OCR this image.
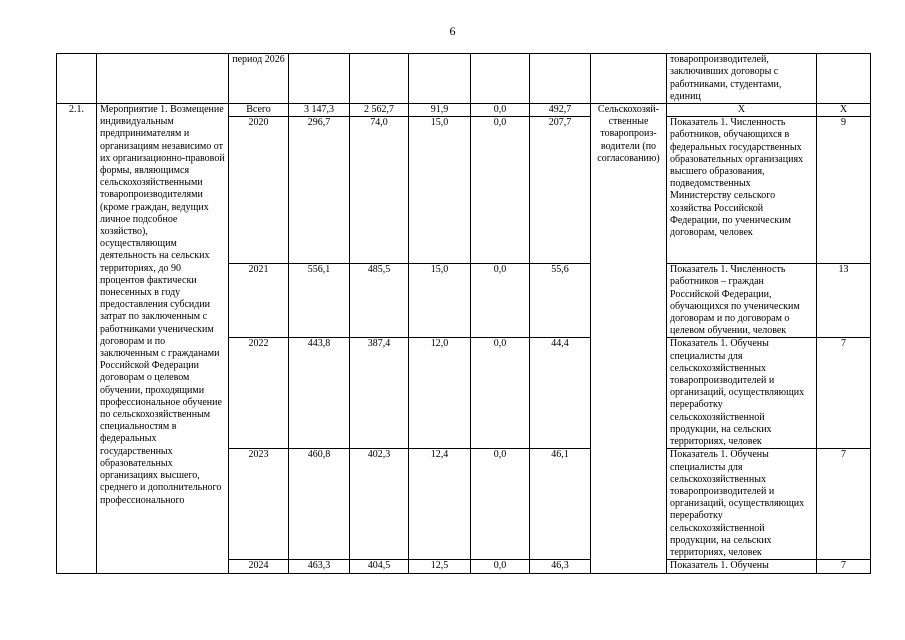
6
		период 2026							товаропроизводителей, заключивших договоры с работниками, студентами, единиц	
2.1.	Мероприятие 1. Возмещение индивидуальным предпринимателям и организациям независимо от их организационно-правовой формы, являющимся сельскохозяйственными товаропроизводителями (кроме граждан, ведущих личное подсобное хозяйство), осуществляющим деятельность на сельских территориях, до 90 процентов фактически понесенных в году предоставления субсидии затрат по заключенным с работниками ученическим договорам и по заключенным с гражданами Российской Федерации договорам о целевом обучении, проходящими профессиональное обучение по сельскохозяйственным специальностям в федеральных государственных образовательных организациях высшего, среднего и дополнительного профессионального	Всего	3 147,3	2 562,7	91,9	0,0	492,7	Сельскохозяй-ственные товаропроиз-водители (по согласованию)	Х	Х
		2020	296,7	74,0	15,0	0,0	207,7		Показатель 1. Численность работников, обучающихся в федеральных государственных образовательных организациях высшего образования, подведомственных Министерству сельского хозяйства Российской Федерации, по ученическим договорам, человек	9
		2021	556,1	485,5	15,0	0,0	55,6		Показатель 1. Численность работников – граждан Российской Федерации, обучающихся по ученическим договорам и по договорам о целевом обучении, человек	13
		2022	443,8	387,4	12,0	0,0	44,4		Показатель 1. Обучены специалисты для сельскохозяйственных товаропроизводителей и организаций, осуществляющих переработку сельскохозяйственной продукции, на сельских территориях, человек	7
		2023	460,8	402,3	12,4	0,0	46,1		Показатель 1. Обучены специалисты для сельскохозяйственных товаропроизводителей и организаций, осуществляющих переработку сельскохозяйственной продукции, на сельских территориях, человек	7
		2024	463,3	404,5	12,5	0,0	46,3		Показатель 1. Обучены	7
